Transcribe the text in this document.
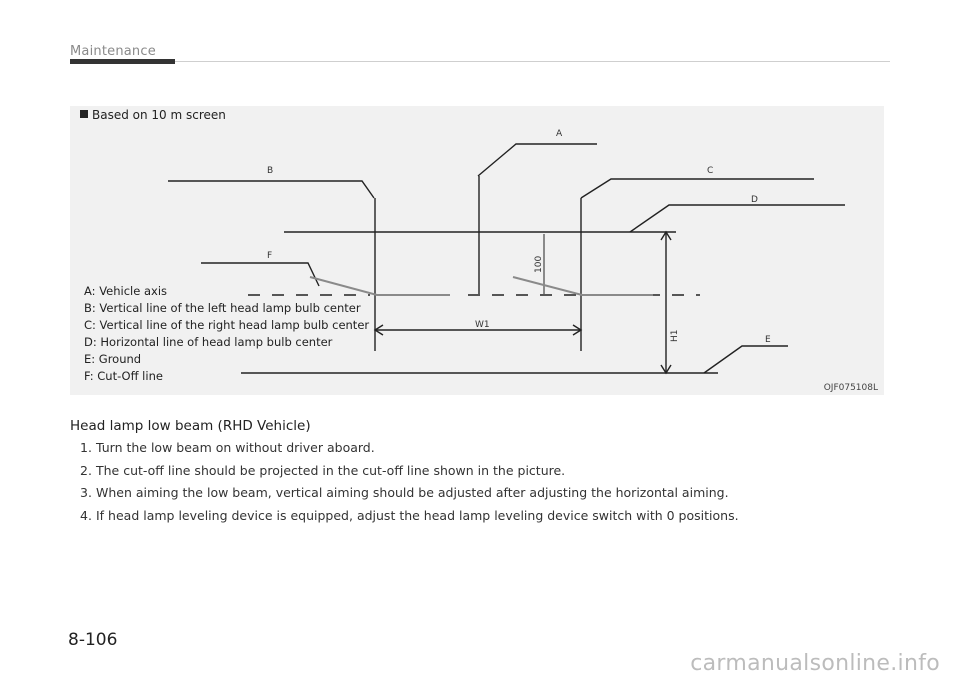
Maintenance
A
B	C
D
E
F
W1
H1
100
Based on 10 m screen
A: Vehicle axis
B: Vertical line of the left head lamp bulb center
C: Vertical line of the right head lamp bulb center
D: Horizontal line of head lamp bulb center
E: Ground
F: Cut-Off line
OJF075108L
Head lamp low beam (RHD Vehicle)
1. Turn the low beam on without driver aboard.
2. The cut-off line should be projected in the cut-off line shown in the picture.
3. When aiming the low beam, vertical aiming should be adjusted after adjusting the horizontal aiming.
4. If head lamp leveling device is equipped, adjust the head lamp leveling device switch with 0 positions.
8-106
carmanualsonline.info
